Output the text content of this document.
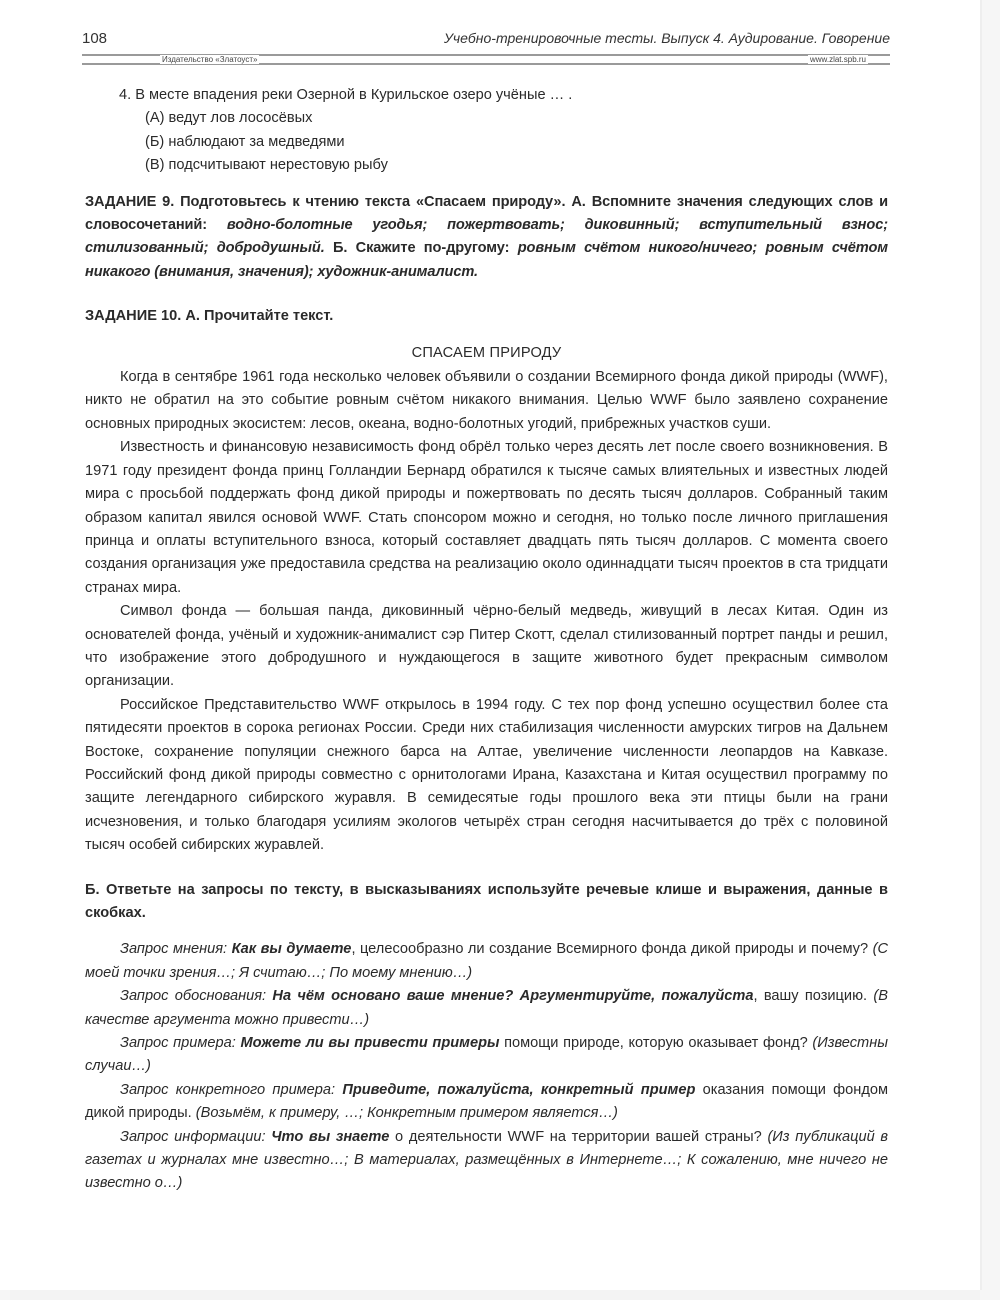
108	Учебно-тренировочные тесты. Выпуск 4. Аудирование. Говорение
Издательство «Златоуст»	www.zlat.spb.ru
4. В месте впадения реки Озерной в Курильское озеро учёные … .
(А) ведут лов лососёвых
(Б) наблюдают за медведями
(В) подсчитывают нерестовую рыбу
ЗАДАНИЕ 9. Подготовьтесь к чтению текста «Спасаем природу». А. Вспомните значения следующих слов и словосочетаний: водно-болотные угодья; пожертвовать; диковинный; вступительный взнос; стилизованный; добродушный. Б. Скажите по-другому: ровным счётом никого/ничего; ровным счётом никакого (внимания, значения); художник-анималист.
ЗАДАНИЕ 10. А. Прочитайте текст.
СПАСАЕМ ПРИРОДУ

Когда в сентябре 1961 года несколько человек объявили о создании Всемирного фонда дикой природы (WWF), никто не обратил на это событие ровным счётом никакого внимания. Целью WWF было заявлено сохранение основных природных экосистем: лесов, океана, водно-болотных угодий, прибрежных участков суши.

Известность и финансовую независимость фонд обрёл только через десять лет после своего возникновения. В 1971 году президент фонда принц Голландии Бернард обратился к тысяче самых влиятельных и известных людей мира с просьбой поддержать фонд дикой природы и пожертвовать по десять тысяч долларов. Собранный таким образом капитал явился основой WWF. Стать спонсором можно и сегодня, но только после личного приглашения принца и оплаты вступительного взноса, который составляет двадцать пять тысяч долларов. С момента своего создания организация уже предоставила средства на реализацию около одиннадцати тысяч проектов в ста тридцати странах мира.

Символ фонда — большая панда, диковинный чёрно-белый медведь, живущий в лесах Китая. Один из основателей фонда, учёный и художник-анималист сэр Питер Скотт, сделал стилизованный портрет панды и решил, что изображение этого добродушного и нуждающегося в защите животного будет прекрасным символом организации.

Российское Представительство WWF открылось в 1994 году. С тех пор фонд успешно осуществил более ста пятидесяти проектов в сорока регионах России. Среди них стабилизация численности амурских тигров на Дальнем Востоке, сохранение популяции снежного барса на Алтае, увеличение численности леопардов на Кавказе. Российский фонд дикой природы совместно с орнитологами Ирана, Казахстана и Китая осуществил программу по защите легендарного сибирского журавля. В семидесятые годы прошлого века эти птицы были на грани исчезновения, и только благодаря усилиям экологов четырёх стран сегодня насчитывается до трёх с половиной тысяч особей сибирских журавлей.

Б. Ответьте на запросы по тексту, в высказываниях используйте речевые клише и выражения, данные в скобках.

Запрос мнения: Как вы думаете, целесообразно ли создание Всемирного фонда дикой природы и почему? (С моей точки зрения…; Я считаю…; По моему мнению…)

Запрос обоснования: На чём основано ваше мнение? Аргументируйте, пожалуйста, вашу позицию. (В качестве аргумента можно привести…)

Запрос примера: Можете ли вы привести примеры помощи природе, которую оказывает фонд? (Известны случаи…)

Запрос конкретного примера: Приведите, пожалуйста, конкретный пример оказания помощи фондом дикой природы. (Возьмём, к примеру, …; Конкретным примером является…)

Запрос информации: Что вы знаете о деятельности WWF на территории вашей страны? (Из публикаций в газетах и журналах мне известно…; В материалах, размещённых в Интернете…; К сожалению, мне ничего не известно о…)
